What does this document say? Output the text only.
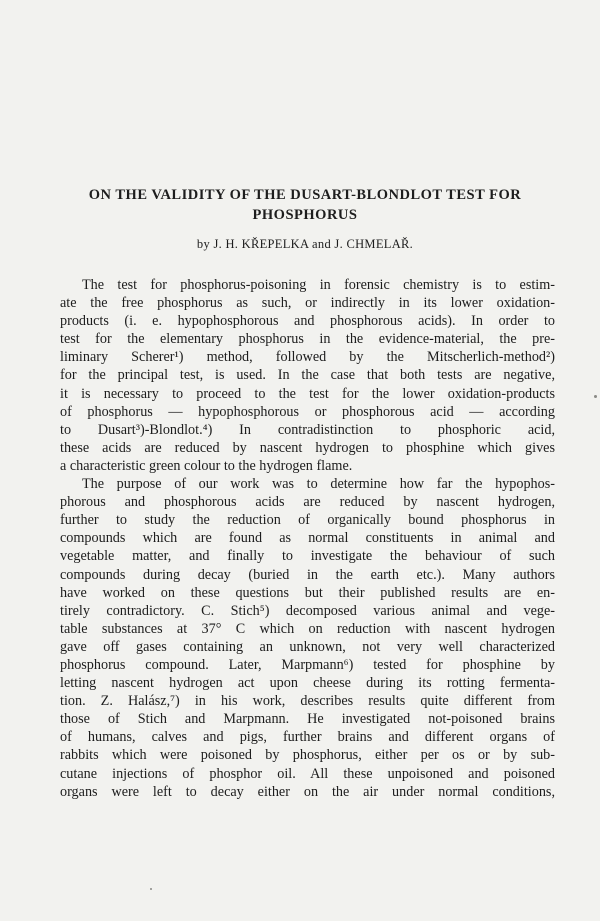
ON THE VALIDITY OF THE DUSART-BLONDLOT TEST FOR
PHOSPHORUS
by J. H. KŘEPELKA and J. CHMELAŘ.
The test for phosphorus-poisoning in forensic chemistry is to estim-
ate the free phosphorus as such, or indirectly in its lower oxidation-
products (i. e. hypophosphorous and phosphorous acids). In order to
test for the elementary phosphorus in the evidence-material, the pre-
liminary Scherer¹) method, followed by the Mitscherlich-method²)
for the principal test, is used. In the case that both tests are negative,
it is necessary to proceed to the test for the lower oxidation-products
of phosphorus — hypophosphorous or phosphorous acid — according
to Dusart³)-Blondlot.⁴) In contradistinction to phosphoric acid,
these acids are reduced by nascent hydrogen to phosphine which gives
a characteristic green colour to the hydrogen flame.
The purpose of our work was to determine how far the hypophos-
phorous and phosphorous acids are reduced by nascent hydrogen,
further to study the reduction of organically bound phosphorus in
compounds which are found as normal constituents in animal and
vegetable matter, and finally to investigate the behaviour of such
compounds during decay (buried in the earth etc.). Many authors
have worked on these questions but their published results are en-
tirely contradictory. C. Stich⁵) decomposed various animal and vege-
table substances at 37° C which on reduction with nascent hydrogen
gave off gases containing an unknown, not very well characterized
phosphorus compound. Later, Marpmann⁶) tested for phosphine by
letting nascent hydrogen act upon cheese during its rotting fermenta-
tion. Z. Halász,⁷) in his work, describes results quite different from
those of Stich and Marpmann. He investigated not-poisoned brains
of humans, calves and pigs, further brains and different organs of
rabbits which were poisoned by phosphorus, either per os or by sub-
cutane injections of phosphor oil. All these unpoisoned and poisoned
organs were left to decay either on the air under normal conditions,
